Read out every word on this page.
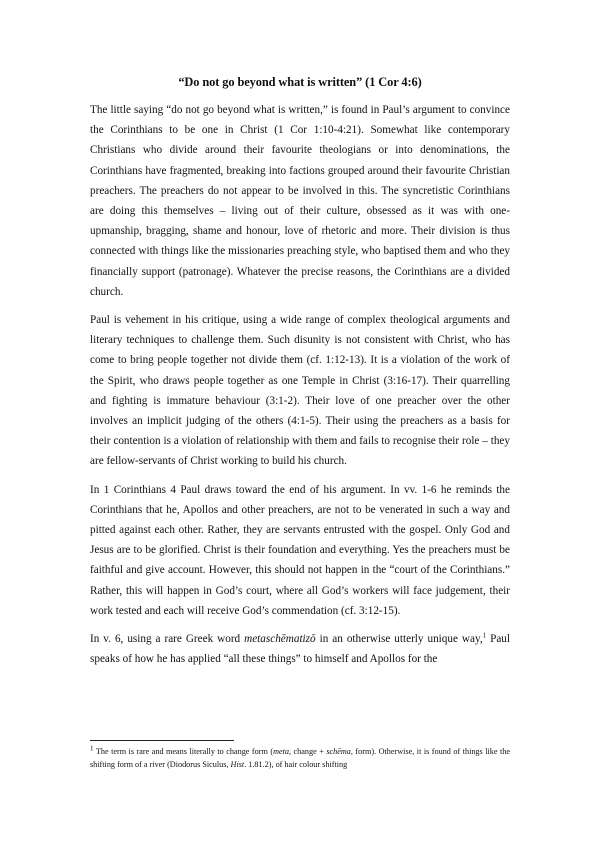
“Do not go beyond what is written” (1 Cor 4:6)

The little saying “do not go beyond what is written,” is found in Paul’s argument to convince the Corinthians to be one in Christ (1 Cor 1:10-4:21). Somewhat like contemporary Christians who divide around their favourite theologians or into denominations, the Corinthians have fragmented, breaking into factions grouped around their favourite Christian preachers. The preachers do not appear to be involved in this. The syncretistic Corinthians are doing this themselves – living out of their culture, obsessed as it was with one-upmanship, bragging, shame and honour, love of rhetoric and more. Their division is thus connected with things like the missionaries preaching style, who baptised them and who they financially support (patronage). Whatever the precise reasons, the Corinthians are a divided church.

Paul is vehement in his critique, using a wide range of complex theological arguments and literary techniques to challenge them. Such disunity is not consistent with Christ, who has come to bring people together not divide them (cf. 1:12-13). It is a violation of the work of the Spirit, who draws people together as one Temple in Christ (3:16-17). Their quarrelling and fighting is immature behaviour (3:1-2). Their love of one preacher over the other involves an implicit judging of the others (4:1-5). Their using the preachers as a basis for their contention is a violation of relationship with them and fails to recognise their role – they are fellow-servants of Christ working to build his church.

In 1 Corinthians 4 Paul draws toward the end of his argument. In vv. 1-6 he reminds the Corinthians that he, Apollos and other preachers, are not to be venerated in such a way and pitted against each other. Rather, they are servants entrusted with the gospel. Only God and Jesus are to be glorified. Christ is their foundation and everything. Yes the preachers must be faithful and give account. However, this should not happen in the “court of the Corinthians.” Rather, this will happen in God’s court, where all God’s workers will face judgement, their work tested and each will receive God’s commendation (cf. 3:12-15).

In v. 6, using a rare Greek word metaschēmatizō in an otherwise utterly unique way,$^1$ Paul speaks of how he has applied “all these things” to himself and Apollos for the

1 The term is rare and means literally to change form (meta, change + schēma, form). Otherwise, it is found of things like the shifting form of a river (Diodorus Siculus, Hist. 1.81.2), of hair colour shifting
